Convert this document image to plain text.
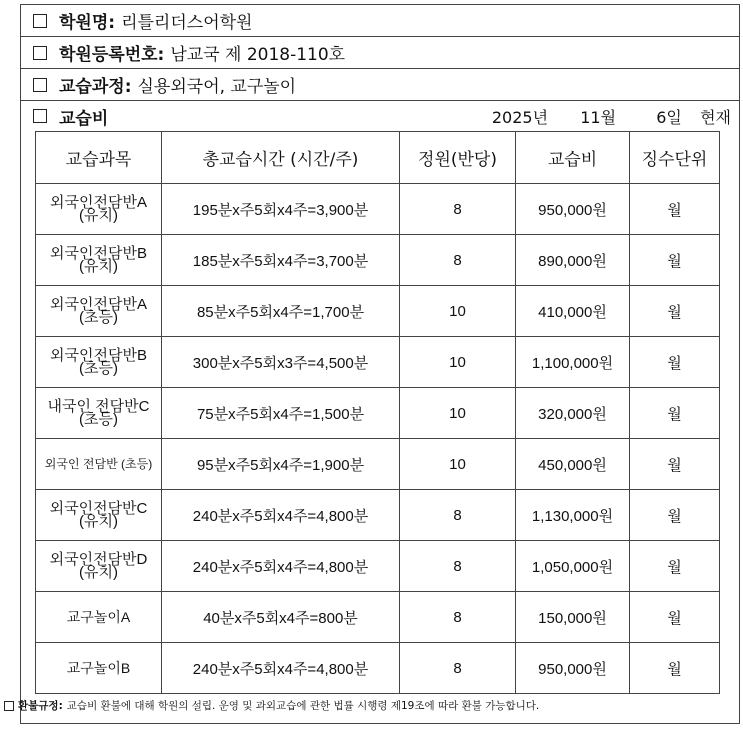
학원명: 리틀리더스어학원
학원등록번호: 남교국 제 2018-110호
교습과정: 실용외국어, 교구놀이
교습비	2025년 11월	6일 현재
교습과목	총교습시간 (시간/주)	정원(반당)	교습비	징수단위

외국인전담반A
(유치)	195분x주5회x4주=3,900분	8	950,000원	월

외국인전담반B
(유치)	185분x주5회x4주=3,700분	8	890,000원	월

외국인전담반A
(초등)	85분x주5회x4주=1,700분	10	410,000원	월

외국인전담반B
(초등)	300분x주5회x3주=4,500분	10	1,100,000원	월

내국인 전담반C
(초등)	75분x주5회x4주=1,500분	10	320,000원	월

외국인 전담반 (초등)	95분x주5회x4주=1,900분	10	450,000원	월

외국인전담반C
(유치)	240분x주5회x4주=4,800분	8	1,130,000원	월

외국인전담반D
(유치)	240분x주5회x4주=4,800분	8	1,050,000원	월

교구놀이A	40분x주5회x4주=800분	8	150,000원	월

교구놀이B	240분x주5회x4주=4,800분	8	950,000원	월
환불규정: 교습비 환불에 대해 학원의 설립. 운영 및 과외교습에 관한 법률 시행령 제19조에 따라 환불 가능합니다.
